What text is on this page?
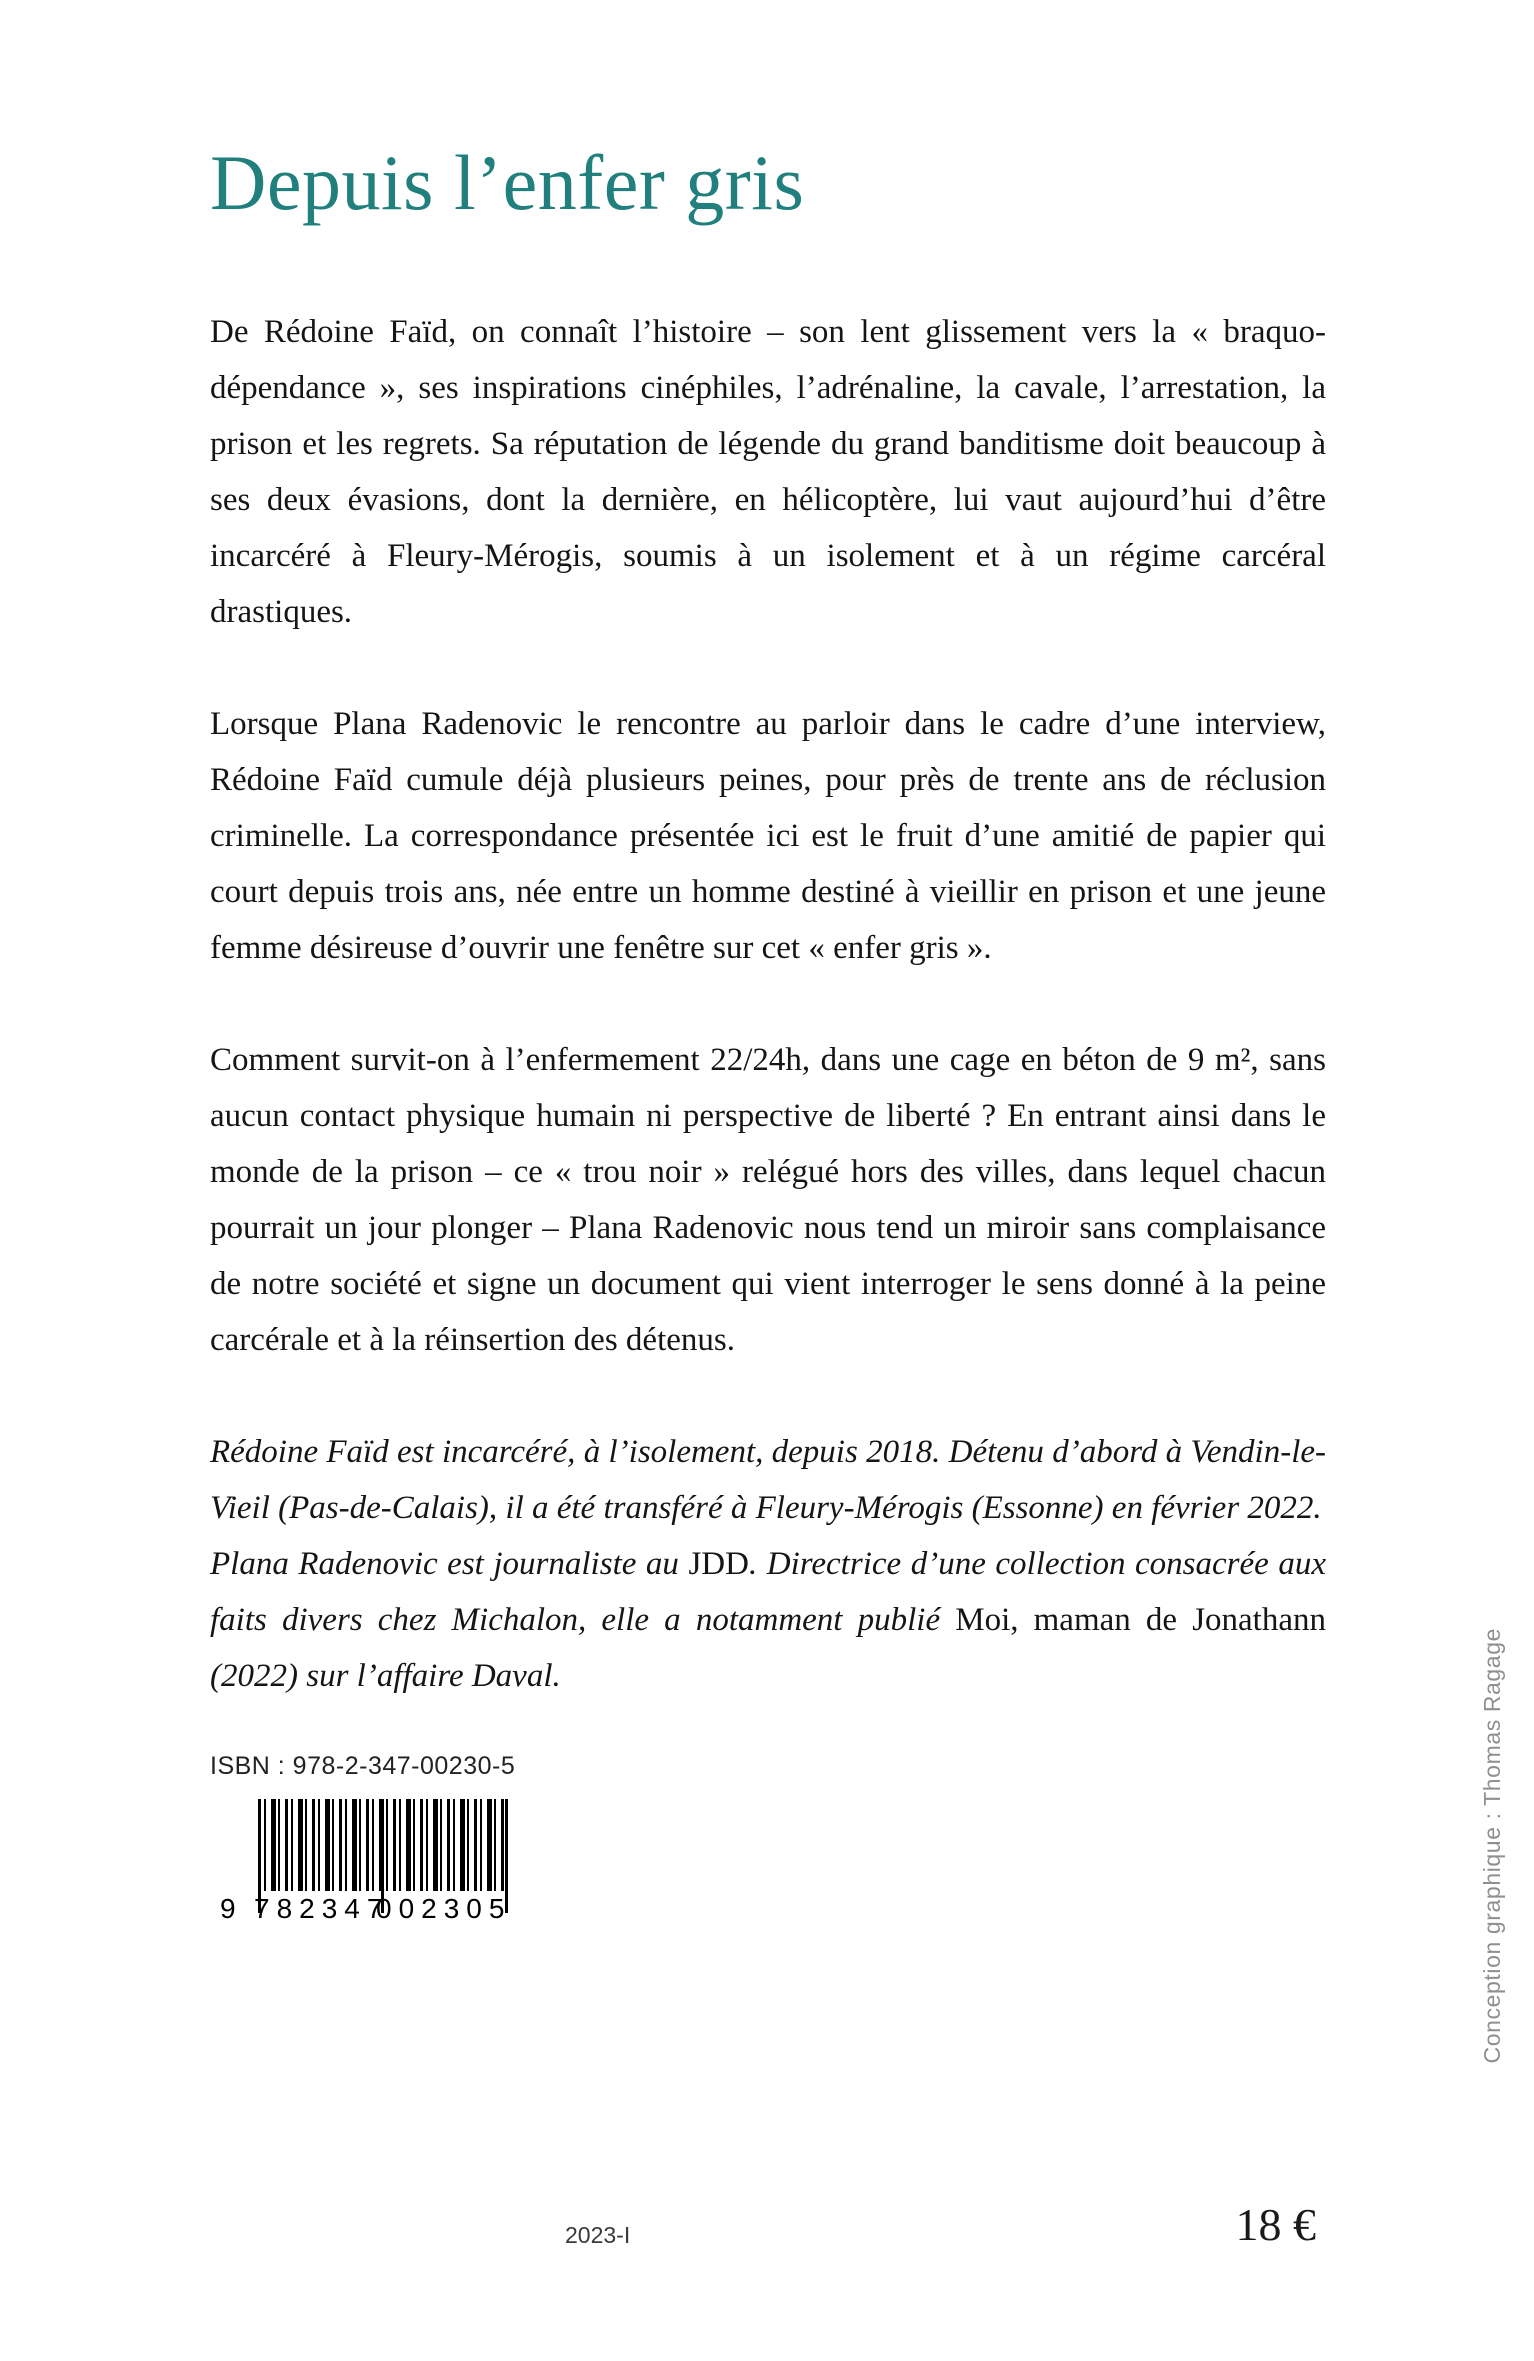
Depuis l’enfer gris

De Rédoine Faïd, on connaît l’histoire – son lent glissement vers la « braquo-dépendance », ses inspirations cinéphiles, l’adrénaline, la cavale, l’arrestation, la prison et les regrets. Sa réputation de légende du grand banditisme doit beaucoup à ses deux évasions, dont la dernière, en hélicoptère, lui vaut aujourd’hui d’être incarcéré à Fleury-Mérogis, soumis à un isolement et à un régime carcéral drastiques.

Lorsque Plana Radenovic le rencontre au parloir dans le cadre d’une interview, Rédoine Faïd cumule déjà plusieurs peines, pour près de trente ans de réclusion criminelle. La correspondance présentée ici est le fruit d’une amitié de papier qui court depuis trois ans, née entre un homme destiné à vieillir en prison et une jeune femme désireuse d’ouvrir une fenêtre sur cet « enfer gris ».

Comment survit-on à l’enfermement 22/24h, dans une cage en béton de 9 m², sans aucun contact physique humain ni perspective de liberté ? En entrant ainsi dans le monde de la prison – ce « trou noir » relégué hors des villes, dans lequel chacun pourrait un jour plonger – Plana Radenovic nous tend un miroir sans complaisance de notre société et signe un document qui vient interroger le sens donné à la peine carcérale et à la réinsertion des détenus.

Rédoine Faïd est incarcéré, à l’isolement, depuis 2018. Détenu d’abord à Vendin-le-Vieil (Pas-de-Calais), il a été transféré à Fleury-Mérogis (Essonne) en février 2022.

Plana Radenovic est journaliste au JDD. Directrice d’une collection consacrée aux faits divers chez Michalon, elle a notamment publié Moi, maman de Jonathann (2022) sur l’affaire Daval.

ISBN : 978-2-347-00230-5
9 782347
002305
2023-I	18 €
Conception graphique : Thomas Ragage
